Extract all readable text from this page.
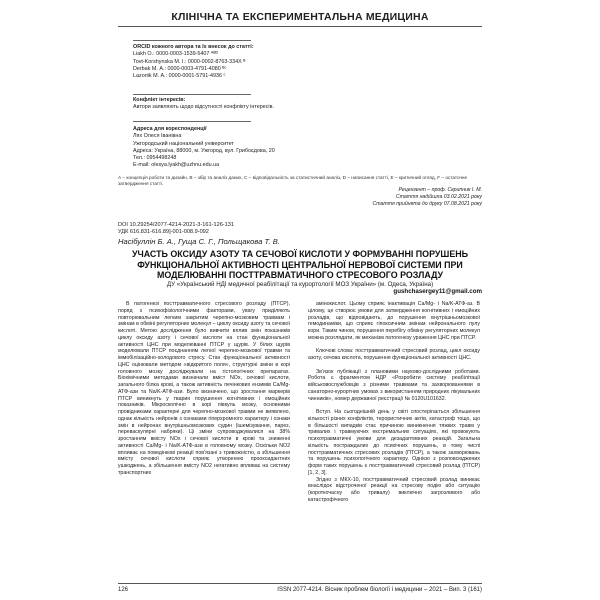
КЛІНІЧНА ТА ЕКСПЕРИМЕНТАЛЬНА МЕДИЦИНА
ORCID кожного автора та їх внесок до статті:
Liakh О.: 0000-0003-1539-5407 ᴬᴮᴰ
Tovt-Korshynska М. І.: 0000-0002-8763-334X ᴮ
Derbak М. А.: 0000-0003-4791-4080 ᴮᶜ
Lazoriik М. А.: 0000-0001-5791-4936 ᶜ
Конфлікт інтересів:
Автори заявляють щодо відсутності конфлікту інтересів.
Адреса для кореспонденції
Лях Олеся Іванівна
Ужгородський національний університет
Адреса: Україна, 88000, м. Ужгород, вул. Грибоєдова, 20
Тел.: 0954498248
E-mail: olesya.lyakh@uzhnu.edu.ua
А – концепція роботи та дизайн, B – збір та аналіз даних, C – відповідальність за статистичний аналіз, D – написання статті, E – критичний огляд, F – остаточне затвердження статті.
Рецензент – проф. Скрипник І. М.
Стаття надійшла 03.02.2021 року
Стаття прийнята до друку 07.08.2021 року
DOI 10.29254/2077-4214-2021-3-161-126-131
УДК 616.831-616.89]-001-008.9-092
Насібуллін Б. А., Гуща С. Г., Польщакова Т. В.
УЧАСТЬ ОКСИДУ АЗОТУ ТА СЕЧОВОЇ КИСЛОТИ У ФОРМУВАННІ ПОРУШЕНЬ ФУНКЦІОНАЛЬНОЇ АКТИВНОСТІ ЦЕНТРАЛЬНОЇ НЕРВОВОЇ СИСТЕМИ ПРИ МОДЕЛЮВАННІ ПОСТТРАВМАТИЧНОГО СТРЕСОВОГО РОЗЛАДУ
ДУ «Український НДІ медичної реабілітації та курортології МОЗ України» (м. Одеса, Україна)
gushchasergey11@gmail.com

В патогенезі посттравматичного стресового розладу (ПТСР), поряд з психофізіологічними факторами, увагу приділяють повторювальним легким закритим черепно-мозковим травмам і змінам в обміні регуляторних молекул – циклу оксиду азоту та сечової кислоті. Метою дослідження було вивчити вплив змін показників циклу оксиду азоту і сечової кислоти на стан функціональної активності ЦНС при моделюванні ПТСР у щурів. У білих щурів моделювали ПТСР поєднанням легкої черепно-мозкової травми та іммобілізаційно-холодового стресу. Стан функціональної активності ЦНС оцінювали методом «відкритого поля», структурні зміни в корі головного мозку досліджували на гістологічних препаратах. Біохімічними методами визначали вміст NOx, сечової кислоти, загального білка крові, а також активність печінкових ензимів Ca/Mg-АТФ-ази та Na/K-АТФ-ази. Було визначено, що зростання маркерів ПТСР виникнуть у тварин порушення когнітивних і емоційних показників. Мікроскопічно в корі півкуль мозку, основними провідниками характерні для черепно-мозкової травми не виявлено, однак кількість нейронів з ознаками гіперхромного характеру і ознаки змін в нейронах внутрішньомозкових судин (ішемізування, парез, переваскулярні набряки). Ці зміни супроводжувалися на 38% зростанням вмісту NOx і сечової кислоти в крові та зниженні активності Ca/Mg- і Na/K-АТФ-ази в головному мозку. Оскільки NO2 впливає на поведінкові реакції пов'язані з тривожністю, а збільшення вмісту сечової кислоти сприяє утворенню прооксидантних ушкоджень, а збільшення вмісту NO2 негативно впливає на систему транспортних

амінокислот. Цьому сприяє інактивація Ca/Mg- і Na/K-АТФ-аз. В цілому, це створює умови для затвердження когнітивних і емоційних розладів, що відповідають, до порушення внутрішньомозкової гемодинаміки, що сприяє гіпоксичним змінам нейронального пулу кори. Таким чином, порушення перебігу обміну регуляторних молекул можна розглядати, як механізм патогенезу ураження ЦНС при ПТСР.

Ключові слова: посттравматичний стресовий розлад, цикл оксиду азоту, сечова кислота, порушення функціональної активності ЦНС.

Зв'язок публікації з плановими науково-дослідними роботами. Робота є фрагментом НДР «Розробити систему реабілітації військовослужбовців з різними травмами та захворюваннями в санаторно-курортних умовах з використанням природних лікувальних чинників», номер державної реєстрації № 0120U101632.

Вступ. На сьогоднішній день у світі спостерігається збільшення кількості різних конфліктів, терористичних актів, катастроф тощо, що в більшості випадків стає причиною виникнення тяжких травм у тривалих і травмуючих екстремальних ситуаціях, які провокують психотравматичні умови для дезадаптивних реакцій. Загальна кількість постраждалих до психічних порушень, в тому числі посттравматичних стресових розладів (ПТСР), а також захворювань та порушень психологічного характеру. Однією з розповсюджених форм таких порушень є посттравматичний стресовий розлад (ПТСР) [1, 2, 3].

Згідно з МКХ-10, посттравматичний стресовий розлад виникає внаслідок відстроченої реакції на стресову подію або ситуацію (короткочасну або тривалу) виключно загрозливого або катастрофічного

126	ISSN 2077-4214. Вісник проблем біології і медицини – 2021 – Вип. 3 (161)
